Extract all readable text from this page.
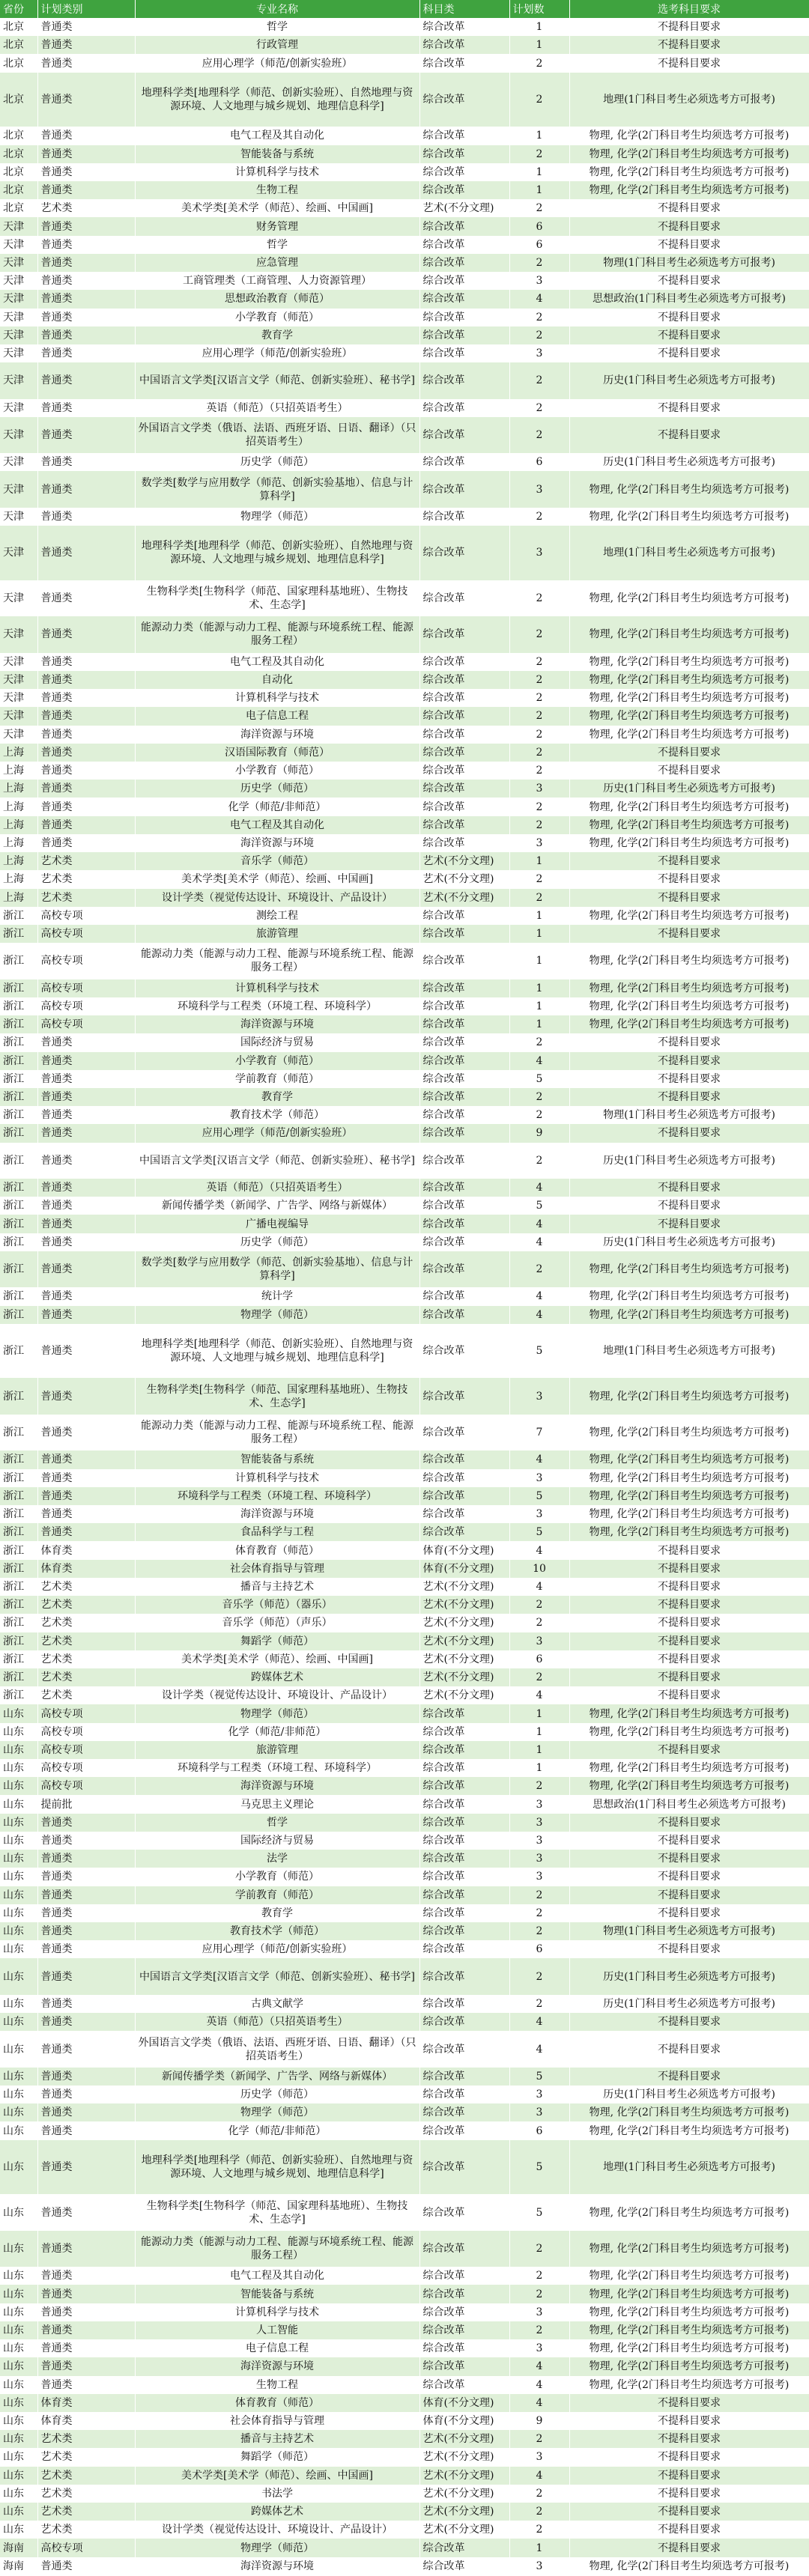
省份	计划类别	专业名称	科目类	计划数	选考科目要求
北京	普通类	哲学	综合改革	1	不提科目要求
北京	普通类	行政管理	综合改革	1	不提科目要求
北京	普通类	应用心理学（师范/创新实验班）	综合改革	2	不提科目要求
北京	普通类	地理科学类[地理科学（师范、创新实验班）、自然地理与资源环境、人文地理与城乡规划、地理信息科学]	综合改革	2	地理(1门科目考生必须选考方可报考)
北京	普通类	电气工程及其自动化	综合改革	1	物理, 化学(2门科目考生均须选考方可报考)
北京	普通类	智能装备与系统	综合改革	2	物理, 化学(2门科目考生均须选考方可报考)
北京	普通类	计算机科学与技术	综合改革	1	物理, 化学(2门科目考生均须选考方可报考)
北京	普通类	生物工程	综合改革	1	物理, 化学(2门科目考生均须选考方可报考)
北京	艺术类	美术学类[美术学（师范）、绘画、中国画]	艺术(不分文理)	2	不提科目要求
天津	普通类	财务管理	综合改革	6	不提科目要求
天津	普通类	哲学	综合改革	6	不提科目要求
天津	普通类	应急管理	综合改革	2	物理(1门科目考生必须选考方可报考)
天津	普通类	工商管理类（工商管理、人力资源管理）	综合改革	3	不提科目要求
天津	普通类	思想政治教育（师范）	综合改革	4	思想政治(1门科目考生必须选考方可报考)
天津	普通类	小学教育（师范）	综合改革	2	不提科目要求
天津	普通类	教育学	综合改革	2	不提科目要求
天津	普通类	应用心理学（师范/创新实验班）	综合改革	3	不提科目要求
天津	普通类	中国语言文学类[汉语言文学（师范、创新实验班）、秘书学]	综合改革	2	历史(1门科目考生必须选考方可报考)
天津	普通类	英语（师范）（只招英语考生）	综合改革	2	不提科目要求
天津	普通类	外国语言文学类（俄语、法语、西班牙语、日语、翻译）（只招英语考生）	综合改革	2	不提科目要求
天津	普通类	历史学（师范）	综合改革	6	历史(1门科目考生必须选考方可报考)
天津	普通类	数学类[数学与应用数学（师范、创新实验基地）、信息与计算科学]	综合改革	3	物理, 化学(2门科目考生均须选考方可报考)
天津	普通类	物理学（师范）	综合改革	2	物理, 化学(2门科目考生均须选考方可报考)
天津	普通类	地理科学类[地理科学（师范、创新实验班）、自然地理与资源环境、人文地理与城乡规划、地理信息科学]	综合改革	3	地理(1门科目考生必须选考方可报考)
天津	普通类	生物科学类[生物科学（师范、国家理科基地班）、生物技术、生态学]	综合改革	2	物理, 化学(2门科目考生均须选考方可报考)
天津	普通类	能源动力类（能源与动力工程、能源与环境系统工程、能源服务工程）	综合改革	2	物理, 化学(2门科目考生均须选考方可报考)
天津	普通类	电气工程及其自动化	综合改革	2	物理, 化学(2门科目考生均须选考方可报考)
天津	普通类	自动化	综合改革	2	物理, 化学(2门科目考生均须选考方可报考)
天津	普通类	计算机科学与技术	综合改革	2	物理, 化学(2门科目考生均须选考方可报考)
天津	普通类	电子信息工程	综合改革	2	物理, 化学(2门科目考生均须选考方可报考)
天津	普通类	海洋资源与环境	综合改革	2	物理, 化学(2门科目考生均须选考方可报考)
上海	普通类	汉语国际教育（师范）	综合改革	2	不提科目要求
上海	普通类	小学教育（师范）	综合改革	2	不提科目要求
上海	普通类	历史学（师范）	综合改革	3	历史(1门科目考生必须选考方可报考)
上海	普通类	化学（师范/非师范）	综合改革	2	物理, 化学(2门科目考生均须选考方可报考)
上海	普通类	电气工程及其自动化	综合改革	2	物理, 化学(2门科目考生均须选考方可报考)
上海	普通类	海洋资源与环境	综合改革	3	物理, 化学(2门科目考生均须选考方可报考)
上海	艺术类	音乐学（师范）	艺术(不分文理)	1	不提科目要求
上海	艺术类	美术学类[美术学（师范）、绘画、中国画]	艺术(不分文理)	2	不提科目要求
上海	艺术类	设计学类（视觉传达设计、环境设计、产品设计）	艺术(不分文理)	2	不提科目要求
浙江	高校专项	测绘工程	综合改革	1	物理, 化学(2门科目考生均须选考方可报考)
浙江	高校专项	旅游管理	综合改革	1	不提科目要求
浙江	高校专项	能源动力类（能源与动力工程、能源与环境系统工程、能源服务工程）	综合改革	1	物理, 化学(2门科目考生均须选考方可报考)
浙江	高校专项	计算机科学与技术	综合改革	1	物理, 化学(2门科目考生均须选考方可报考)
浙江	高校专项	环境科学与工程类（环境工程、环境科学）	综合改革	1	物理, 化学(2门科目考生均须选考方可报考)
浙江	高校专项	海洋资源与环境	综合改革	1	物理, 化学(2门科目考生均须选考方可报考)
浙江	普通类	国际经济与贸易	综合改革	2	不提科目要求
浙江	普通类	小学教育（师范）	综合改革	4	不提科目要求
浙江	普通类	学前教育（师范）	综合改革	5	不提科目要求
浙江	普通类	教育学	综合改革	2	不提科目要求
浙江	普通类	教育技术学（师范）	综合改革	2	物理(1门科目考生必须选考方可报考)
浙江	普通类	应用心理学（师范/创新实验班）	综合改革	9	不提科目要求
浙江	普通类	中国语言文学类[汉语言文学（师范、创新实验班）、秘书学]	综合改革	2	历史(1门科目考生必须选考方可报考)
浙江	普通类	英语（师范）（只招英语考生）	综合改革	4	不提科目要求
浙江	普通类	新闻传播学类（新闻学、广告学、网络与新媒体）	综合改革	5	不提科目要求
浙江	普通类	广播电视编导	综合改革	4	不提科目要求
浙江	普通类	历史学（师范）	综合改革	4	历史(1门科目考生必须选考方可报考)
浙江	普通类	数学类[数学与应用数学（师范、创新实验基地）、信息与计算科学]	综合改革	2	物理, 化学(2门科目考生均须选考方可报考)
浙江	普通类	统计学	综合改革	4	物理, 化学(2门科目考生均须选考方可报考)
浙江	普通类	物理学（师范）	综合改革	4	物理, 化学(2门科目考生均须选考方可报考)
浙江	普通类	地理科学类[地理科学（师范、创新实验班）、自然地理与资源环境、人文地理与城乡规划、地理信息科学]	综合改革	5	地理(1门科目考生必须选考方可报考)
浙江	普通类	生物科学类[生物科学（师范、国家理科基地班）、生物技术、生态学]	综合改革	3	物理, 化学(2门科目考生均须选考方可报考)
浙江	普通类	能源动力类（能源与动力工程、能源与环境系统工程、能源服务工程）	综合改革	7	物理, 化学(2门科目考生均须选考方可报考)
浙江	普通类	智能装备与系统	综合改革	4	物理, 化学(2门科目考生均须选考方可报考)
浙江	普通类	计算机科学与技术	综合改革	3	物理, 化学(2门科目考生均须选考方可报考)
浙江	普通类	环境科学与工程类（环境工程、环境科学）	综合改革	5	物理, 化学(2门科目考生均须选考方可报考)
浙江	普通类	海洋资源与环境	综合改革	3	物理, 化学(2门科目考生均须选考方可报考)
浙江	普通类	食品科学与工程	综合改革	5	物理, 化学(2门科目考生均须选考方可报考)
浙江	体育类	体育教育（师范）	体育(不分文理)	4	不提科目要求
浙江	体育类	社会体育指导与管理	体育(不分文理)	10	不提科目要求
浙江	艺术类	播音与主持艺术	艺术(不分文理)	4	不提科目要求
浙江	艺术类	音乐学（师范）（器乐）	艺术(不分文理)	2	不提科目要求
浙江	艺术类	音乐学（师范）（声乐）	艺术(不分文理)	2	不提科目要求
浙江	艺术类	舞蹈学（师范）	艺术(不分文理)	3	不提科目要求
浙江	艺术类	美术学类[美术学（师范）、绘画、中国画]	艺术(不分文理)	6	不提科目要求
浙江	艺术类	跨媒体艺术	艺术(不分文理)	2	不提科目要求
浙江	艺术类	设计学类（视觉传达设计、环境设计、产品设计）	艺术(不分文理)	4	不提科目要求
山东	高校专项	物理学（师范）	综合改革	1	物理, 化学(2门科目考生均须选考方可报考)
山东	高校专项	化学（师范/非师范）	综合改革	1	物理, 化学(2门科目考生均须选考方可报考)
山东	高校专项	旅游管理	综合改革	1	不提科目要求
山东	高校专项	环境科学与工程类（环境工程、环境科学）	综合改革	1	物理, 化学(2门科目考生均须选考方可报考)
山东	高校专项	海洋资源与环境	综合改革	2	物理, 化学(2门科目考生均须选考方可报考)
山东	提前批	马克思主义理论	综合改革	3	思想政治(1门科目考生必须选考方可报考)
山东	普通类	哲学	综合改革	3	不提科目要求
山东	普通类	国际经济与贸易	综合改革	3	不提科目要求
山东	普通类	法学	综合改革	3	不提科目要求
山东	普通类	小学教育（师范）	综合改革	3	不提科目要求
山东	普通类	学前教育（师范）	综合改革	2	不提科目要求
山东	普通类	教育学	综合改革	2	不提科目要求
山东	普通类	教育技术学（师范）	综合改革	2	物理(1门科目考生必须选考方可报考)
山东	普通类	应用心理学（师范/创新实验班）	综合改革	6	不提科目要求
山东	普通类	中国语言文学类[汉语言文学（师范、创新实验班）、秘书学]	综合改革	2	历史(1门科目考生必须选考方可报考)
山东	普通类	古典文献学	综合改革	2	历史(1门科目考生必须选考方可报考)
山东	普通类	英语（师范）（只招英语考生）	综合改革	4	不提科目要求
山东	普通类	外国语言文学类（俄语、法语、西班牙语、日语、翻译）（只招英语考生）	综合改革	4	不提科目要求
山东	普通类	新闻传播学类（新闻学、广告学、网络与新媒体）	综合改革	5	不提科目要求
山东	普通类	历史学（师范）	综合改革	3	历史(1门科目考生必须选考方可报考)
山东	普通类	物理学（师范）	综合改革	3	物理, 化学(2门科目考生均须选考方可报考)
山东	普通类	化学（师范/非师范）	综合改革	6	物理, 化学(2门科目考生均须选考方可报考)
山东	普通类	地理科学类[地理科学（师范、创新实验班）、自然地理与资源环境、人文地理与城乡规划、地理信息科学]	综合改革	5	地理(1门科目考生必须选考方可报考)
山东	普通类	生物科学类[生物科学（师范、国家理科基地班）、生物技术、生态学]	综合改革	5	物理, 化学(2门科目考生均须选考方可报考)
山东	普通类	能源动力类（能源与动力工程、能源与环境系统工程、能源服务工程）	综合改革	2	物理, 化学(2门科目考生均须选考方可报考)
山东	普通类	电气工程及其自动化	综合改革	2	物理, 化学(2门科目考生均须选考方可报考)
山东	普通类	智能装备与系统	综合改革	2	物理, 化学(2门科目考生均须选考方可报考)
山东	普通类	计算机科学与技术	综合改革	3	物理, 化学(2门科目考生均须选考方可报考)
山东	普通类	人工智能	综合改革	2	物理, 化学(2门科目考生均须选考方可报考)
山东	普通类	电子信息工程	综合改革	3	物理, 化学(2门科目考生均须选考方可报考)
山东	普通类	海洋资源与环境	综合改革	4	物理, 化学(2门科目考生均须选考方可报考)
山东	普通类	生物工程	综合改革	4	物理, 化学(2门科目考生均须选考方可报考)
山东	体育类	体育教育（师范）	体育(不分文理)	4	不提科目要求
山东	体育类	社会体育指导与管理	体育(不分文理)	9	不提科目要求
山东	艺术类	播音与主持艺术	艺术(不分文理)	2	不提科目要求
山东	艺术类	舞蹈学（师范）	艺术(不分文理)	3	不提科目要求
山东	艺术类	美术学类[美术学（师范）、绘画、中国画]	艺术(不分文理)	4	不提科目要求
山东	艺术类	书法学	艺术(不分文理)	2	不提科目要求
山东	艺术类	跨媒体艺术	艺术(不分文理)	2	不提科目要求
山东	艺术类	设计学类（视觉传达设计、环境设计、产品设计）	艺术(不分文理)	2	不提科目要求
海南	高校专项	物理学（师范）	综合改革	1	不提科目要求
海南	普通类	海洋资源与环境	综合改革	3	物理, 化学(2门科目考生均须选考方可报考)
